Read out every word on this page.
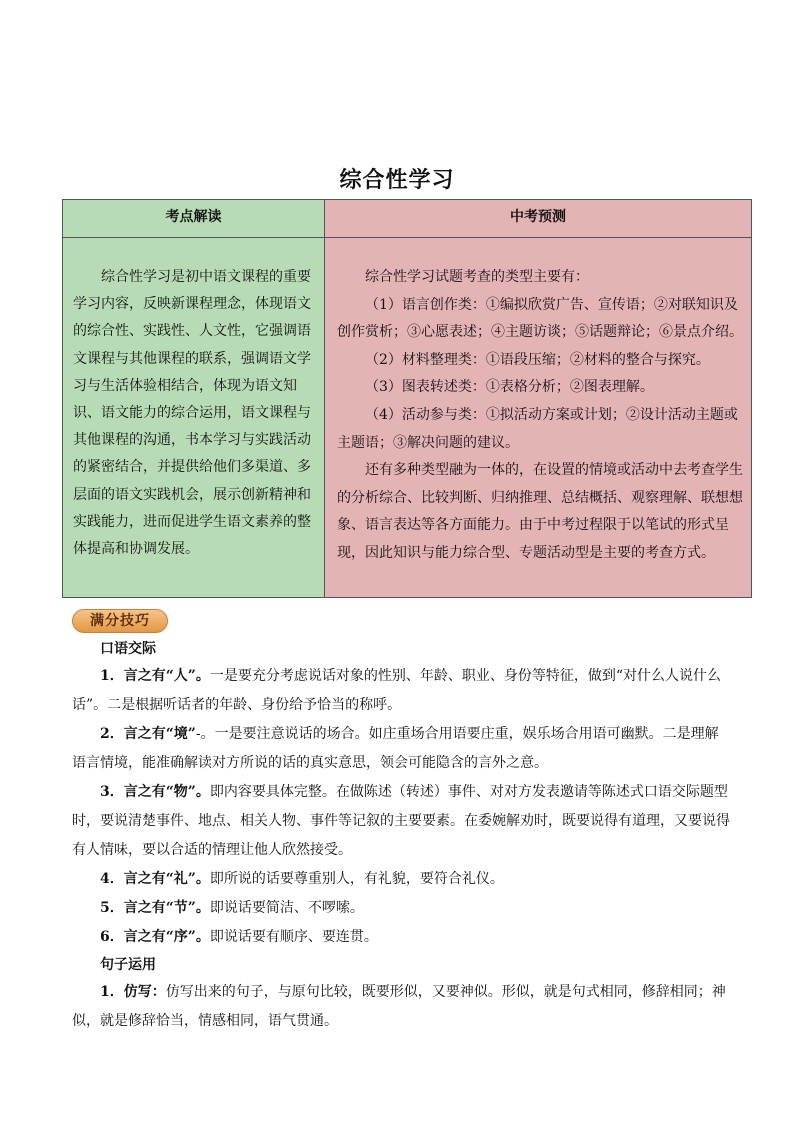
综合性学习
考点解读	中考预测
综合性学习是初中语文课程的重要学习内容，反映新课程理念，体现语文的综合性、实践性、人文性，它强调语文课程与其他课程的联系，强调语文学习与生活体验相结合，体现为语文知识、语文能力的综合运用，语文课程与其他课程的沟通，书本学习与实践活动的紧密结合，并提供给他们多渠道、多层面的语文实践机会，展示创新精神和实践能力，进而促进学生语文素养的整体提高和协调发展。

综合性学习试题考查的类型主要有：

（1）语言创作类：①编拟欣赏广告、宣传语；②对联知识及创作赏析；③心愿表述；④主题访谈；⑤话题辩论；⑥景点介绍。

（2）材料整理类：①语段压缩；②材料的整合与探究。

（3）图表转述类：①表格分析；②图表理解。

（4）活动参与类：①拟活动方案或计划；②设计活动主题或主题语；③解决问题的建议。

还有多种类型融为一体的，在设置的情境或活动中去考查学生的分析综合、比较判断、归纳推理、总结概括、观察理解、联想想象、语言表达等各方面能力。由于中考过程限于以笔试的形式呈现，因此知识与能力综合型、专题活动型是主要的考查方式。

满分技巧

口语交际

1．言之有“人”。一是要充分考虑说话对象的性别、年龄、职业、身份等特征，做到“对什么人说什么话”。二是根据听话者的年龄、身份给予恰当的称呼。

2．言之有“境”-。一是要注意说话的场合。如庄重场合用语要庄重，娱乐场合用语可幽默。二是理解语言情境，能准确解读对方所说的话的真实意思，领会可能隐含的言外之意。

3．言之有“物”。即内容要具体完整。在做陈述（转述）事件、对对方发表邀请等陈述式口语交际题型时，要说清楚事件、地点、相关人物、事件等记叙的主要要素。在委婉解劝时，既要说得有道理，又要说得有人情味，要以合适的情理让他人欣然接受。

4．言之有“礼”。即所说的话要尊重别人，有礼貌，要符合礼仪。

5．言之有“节”。即说话要简洁、不啰嗦。

6．言之有“序”。即说话要有顺序、要连贯。

句子运用

1．仿写：仿写出来的句子，与原句比较，既要形似，又要神似。形似，就是句式相同，修辞相同；神似，就是修辞恰当，情感相同，语气贯通。
